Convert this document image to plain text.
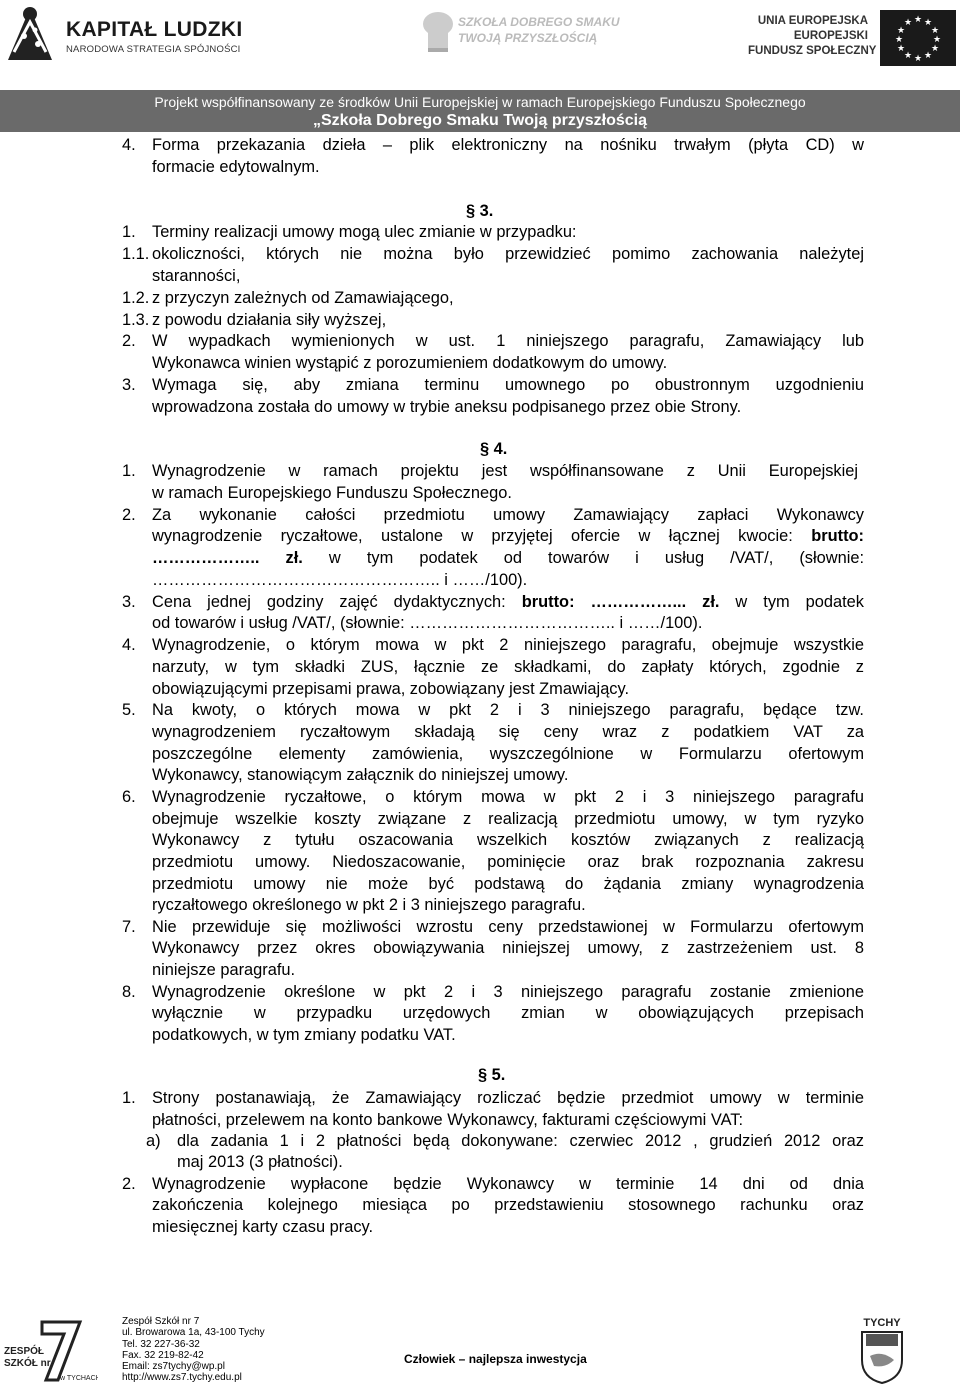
KAPITAŁ LUDZKI
NARODOWA STRATEGIA SPÓJNOŚCI
SZKOŁA DOBREGO SMAKU
TWOJĄ PRZYSZŁOŚCIĄ
UNIA EUROPEJSKA
EUROPEJSKI
FUNDUSZ SPOŁECZNY
★ ★
★
★
★
★
★
★
★
★
★
★
Projekt współfinansowany ze środków Unii Europejskiej w ramach Europejskiego Funduszu Społecznego
„Szkoła Dobrego Smaku Twoją przyszłością
4. Forma przekazania dzieła – plik elektroniczny na nośniku trwałym (płyta CD) w
formacie edytowalnym.
§ 3.
1. Terminy realizacji umowy mogą ulec zmianie w przypadku:
1.1. okoliczności, których nie można było przewidzieć pomimo zachowania należytej
staranności,
1.2. z przyczyn zależnych od Zamawiającego,
1.3. z powodu działania siły wyższej,
2. W wypadkach wymienionych w ust. 1 niniejszego paragrafu, Zamawiający lub
Wykonawca winien wystąpić z porozumieniem dodatkowym do umowy.
3. Wymaga się, aby zmiana terminu umownego po obustronnym uzgodnieniu
wprowadzona została do umowy w trybie aneksu podpisanego przez obie Strony.
§ 4.
1. Wynagrodzenie w ramach projektu jest współfinansowane z Unii Europejskiej
w ramach Europejskiego Funduszu Społecznego.
2. Za wykonanie całości przedmiotu umowy Zamawiający zapłaci Wykonawcy
wynagrodzenie ryczałtowe, ustalone w przyjętej ofercie w łącznej kwocie: brutto:
……………….. zł. w tym podatek od towarów i usług /VAT/, (słownie:
…………………………………………….. i ……/100).
3. Cena jednej godziny zajęć dydaktycznych: brutto: ……………... zł. w tym podatek
od towarów i usług /VAT/, (słownie: ……………………………….. i ……/100).
4. Wynagrodzenie, o którym mowa w pkt 2 niniejszego paragrafu, obejmuje wszystkie
narzuty, w tym składki ZUS, łącznie ze składkami, do zapłaty których, zgodnie z
obowiązującymi przepisami prawa, zobowiązany jest Zmawiający.
5. Na kwoty, o których mowa w pkt 2 i 3 niniejszego paragrafu, będące tzw.
wynagrodzeniem ryczałtowym składają się ceny wraz z podatkiem VAT za
poszczególne elementy zamówienia, wyszczególnione w Formularzu ofertowym
Wykonawcy, stanowiącym załącznik do niniejszej umowy.
6. Wynagrodzenie ryczałtowe, o którym mowa w pkt 2 i 3 niniejszego paragrafu
obejmuje wszelkie koszty związane z realizacją przedmiotu umowy, w tym ryzyko
Wykonawcy z tytułu oszacowania wszelkich kosztów związanych z realizacją
przedmiotu umowy. Niedoszacowanie, pominięcie oraz brak rozpoznania zakresu
przedmiotu umowy nie może być podstawą do żądania zmiany wynagrodzenia
ryczałtowego określonego w pkt 2 i 3 niniejszego paragrafu.
7. Nie przewiduje się możliwości wzrostu ceny przedstawionej w Formularzu ofertowym
Wykonawcy przez okres obowiązywania niniejszej umowy, z zastrzeżeniem ust. 8
niniejsze paragrafu.
8. Wynagrodzenie określone w pkt 2 i 3 niniejszego paragrafu zostanie zmienione
wyłącznie w przypadku urzędowych zmian w obowiązujących przepisach
podatkowych, w tym zmiany podatku VAT.
§ 5.
1. Strony postanawiają, że Zamawiający rozliczać będzie przedmiot umowy w terminie
płatności, przelewem na konto bankowe Wykonawcy, fakturami częściowymi VAT:
a) dla zadania 1 i 2 płatności będą dokonywane: czerwiec 2012 , grudzień 2012 oraz
maj 2013 (3 płatności).
2. Wynagrodzenie wypłacone będzie Wykonawcy w terminie 14 dni od dnia
zakończenia kolejnego miesiąca po przedstawieniu stosownego rachunku oraz
miesięcznej karty czasu pracy.
ZESPÓŁ
SZKÓŁ nr
w TYCHACH
Zespół Szkół nr 7
ul. Browarowa 1a, 43-100 Tychy
Tel. 32 227-36-32
Fax. 32 219-82-42
Email: zs7tychy@wp.pl
http://www.zs7.tychy.edu.pl
Człowiek – najlepsza inwestycja
TYCHY
